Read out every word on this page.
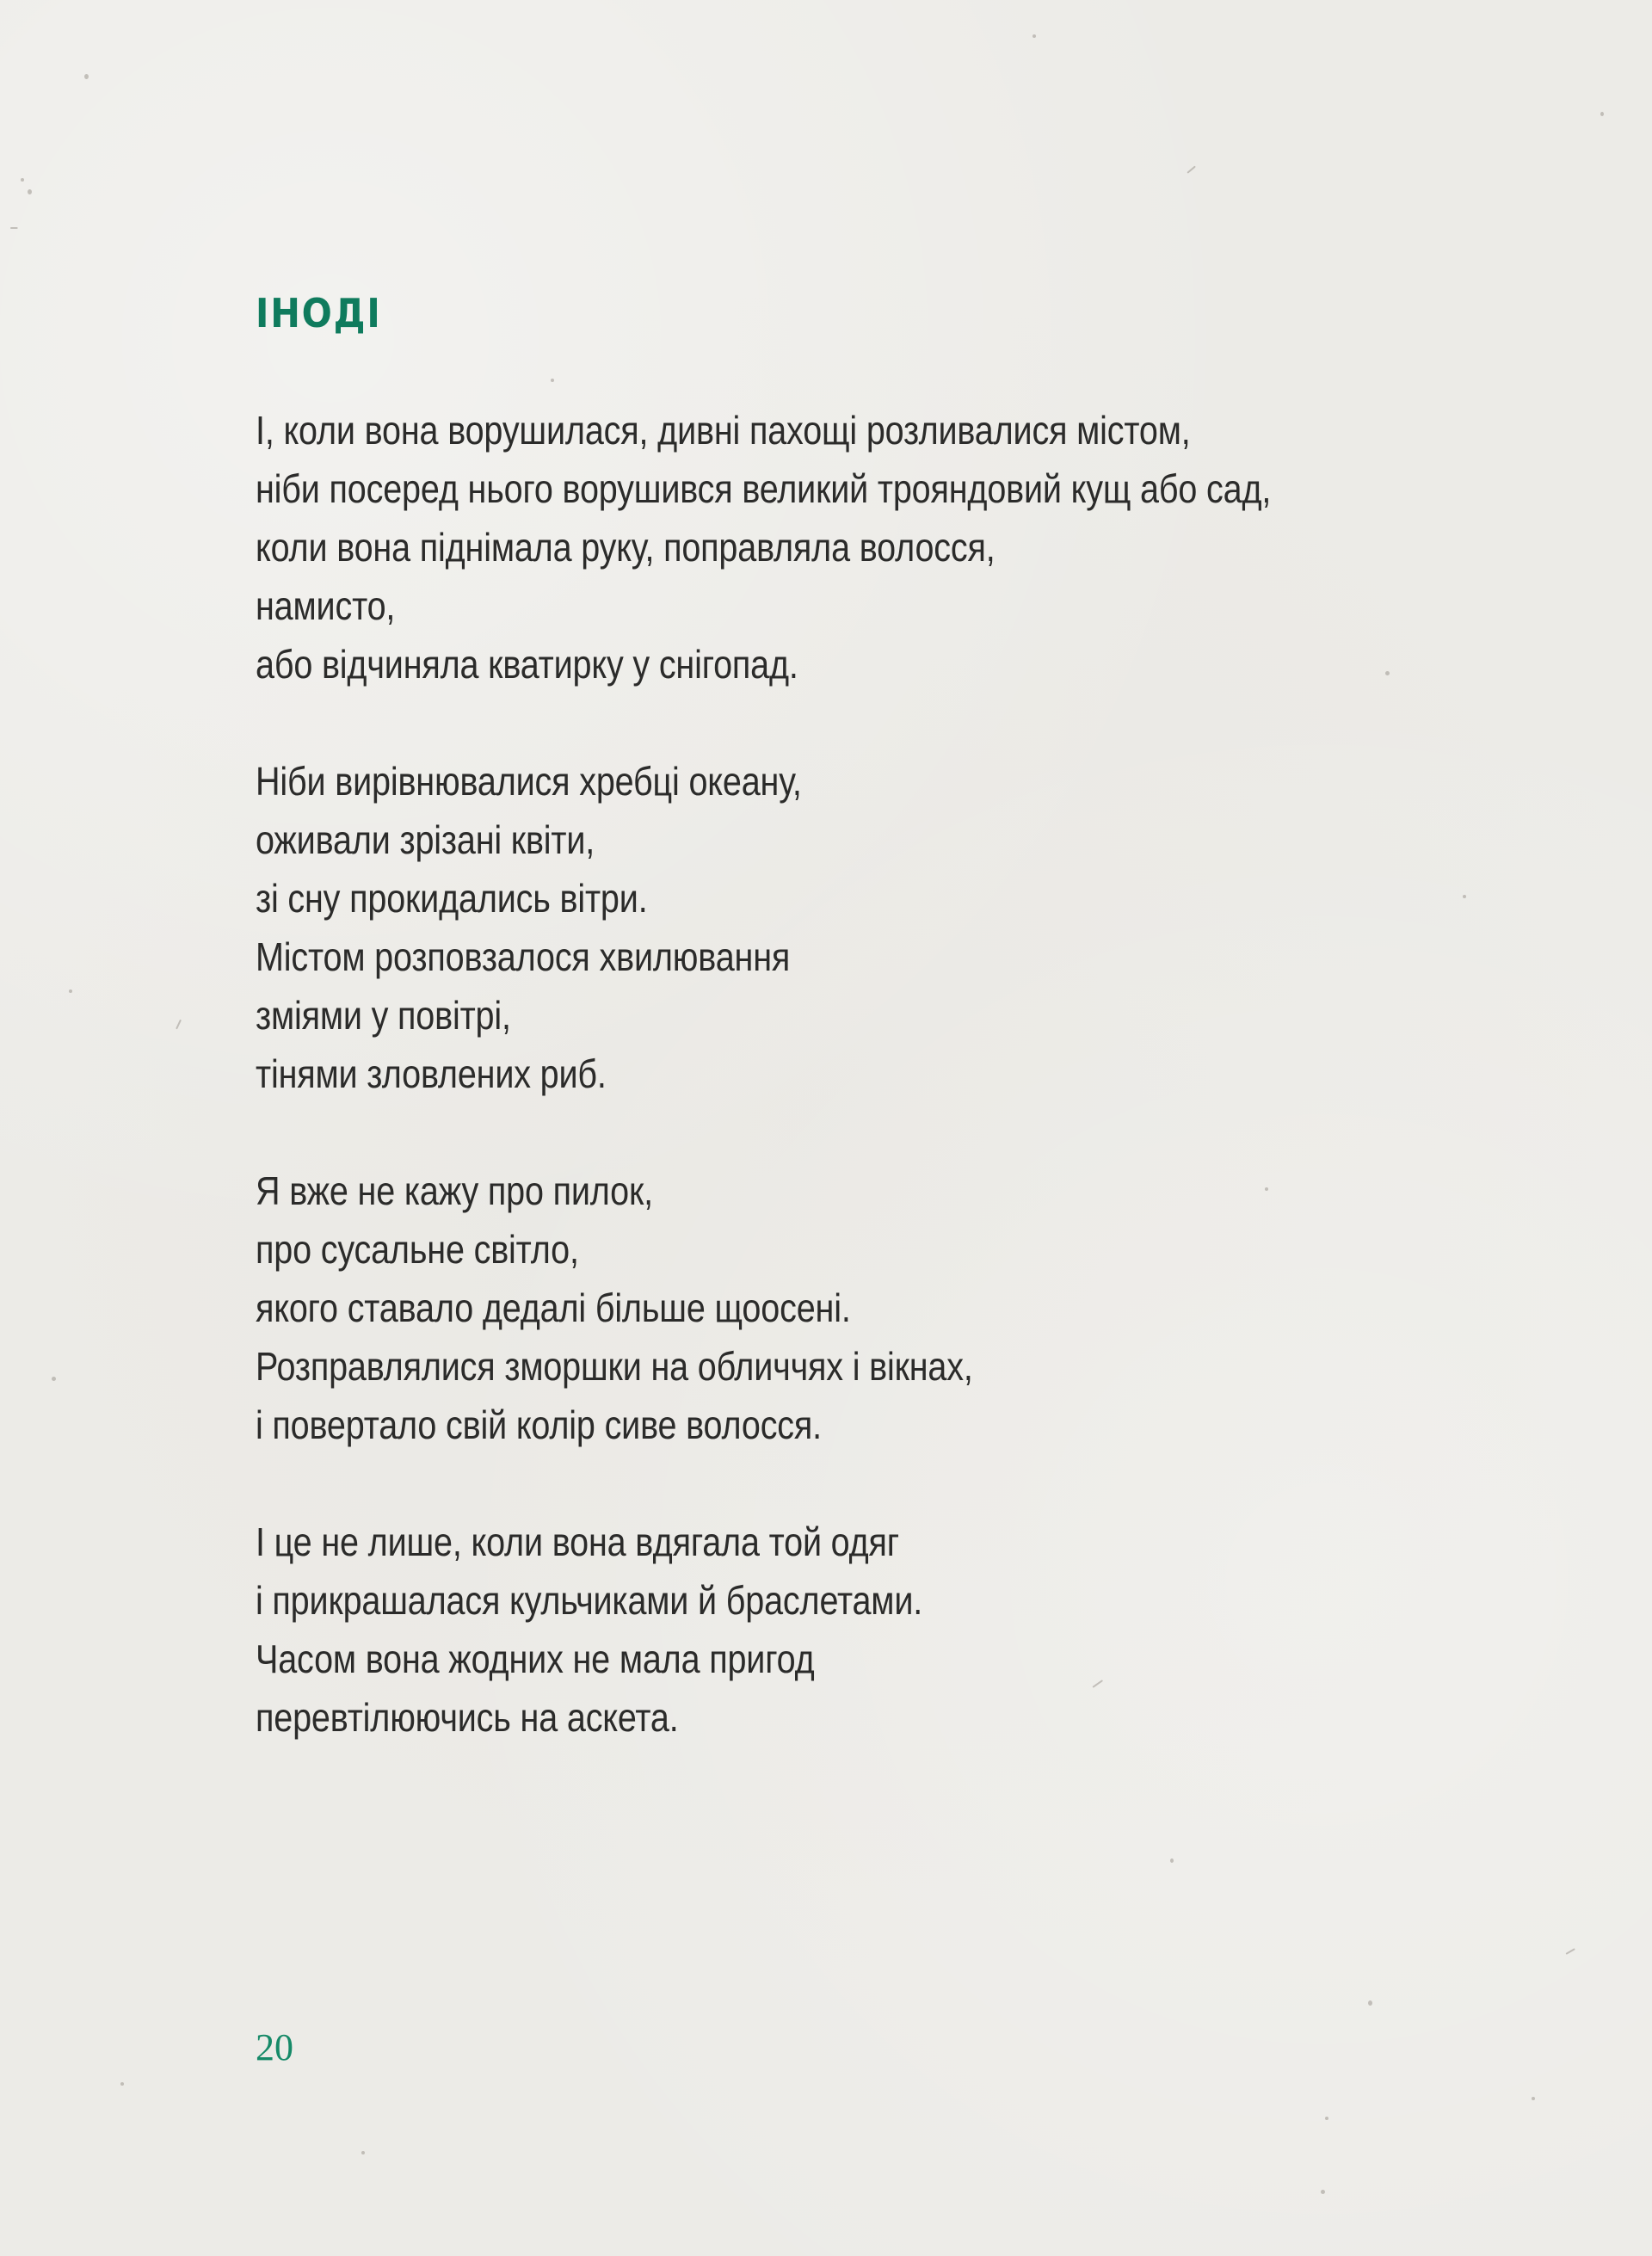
ІНОДІ

І, коли вона ворушилася, дивні пахощі розливалися містом,
ніби посеред нього ворушився великий трояндовий кущ або сад,
коли вона піднімала руку, поправляла волосся,
намисто,
або відчиняла кватирку у снігопад.

Ніби вирівнювалися хребці океану,
оживали зрізані квіти,
зі сну прокидались вітри.
Містом розповзалося хвилювання
зміями у повітрі,
тінями зловлених риб.

Я вже не кажу про пилок,
про сусальне світло,
якого ставало дедалі більше щоосені.
Розправлялися зморшки на обличчях і вікнах,
і повертало свій колір сиве волосся.

І це не лише, коли вона вдягала той одяг
і прикрашалася кульчиками й браслетами.
Часом вона жодних не мала пригод
перевтілюючись на аскета.

20
